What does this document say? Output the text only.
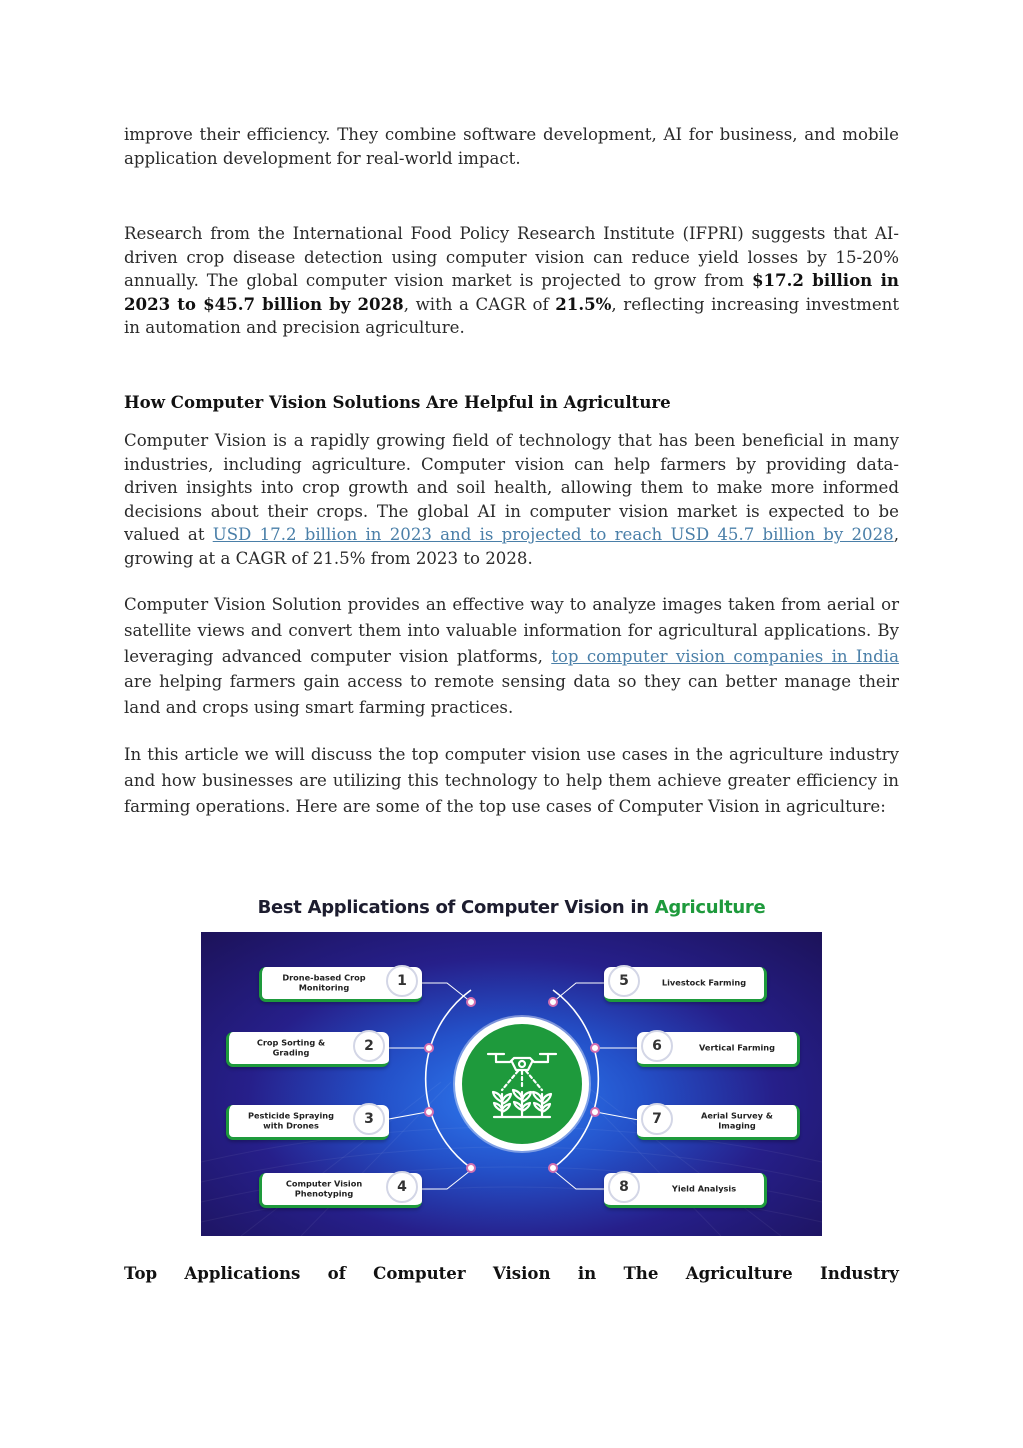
improve their efficiency. They combine software development, AI for business, and mobile application development for real-world impact.

Research from the International Food Policy Research Institute (IFPRI) suggests that AI-driven crop disease detection using computer vision can reduce yield losses by 15-20% annually. The global computer vision market is projected to grow from $17.2 billion in 2023 to $45.7 billion by 2028, with a CAGR of 21.5%, reflecting increasing investment in automation and precision agriculture.

How Computer Vision Solutions Are Helpful in Agriculture

Computer Vision is a rapidly growing field of technology that has been beneficial in many industries, including agriculture. Computer vision can help farmers by providing data-driven insights into crop growth and soil health, allowing them to make more informed decisions about their crops. The global AI in computer vision market is expected to be valued at USD 17.2 billion in 2023 and is projected to reach USD 45.7 billion by 2028, growing at a CAGR of 21.5% from 2023 to 2028.

Computer Vision Solution provides an effective way to analyze images taken from aerial or satellite views and convert them into valuable information for agricultural applications. By leveraging advanced computer vision platforms, top computer vision companies in India are helping farmers gain access to remote sensing data so they can better manage their land and crops using smart farming practices.

In this article we will discuss the top computer vision use cases in the agriculture industry and how businesses are utilizing this technology to help them achieve greater efficiency in farming operations. Here are some of the top use cases of Computer Vision in agriculture:

Best Applications of Computer Vision in Agriculture
Drone-based Crop Monitoring	1
Crop Sorting & Grading	2
Pesticide Spraying with Drones	3
Computer Vision Phenotyping	4
5	Livestock Farming
6	Vertical Farming
7	Aerial Survey & Imaging
8	Yield Analysis
Top Applications of Computer Vision in The Agriculture Industry
